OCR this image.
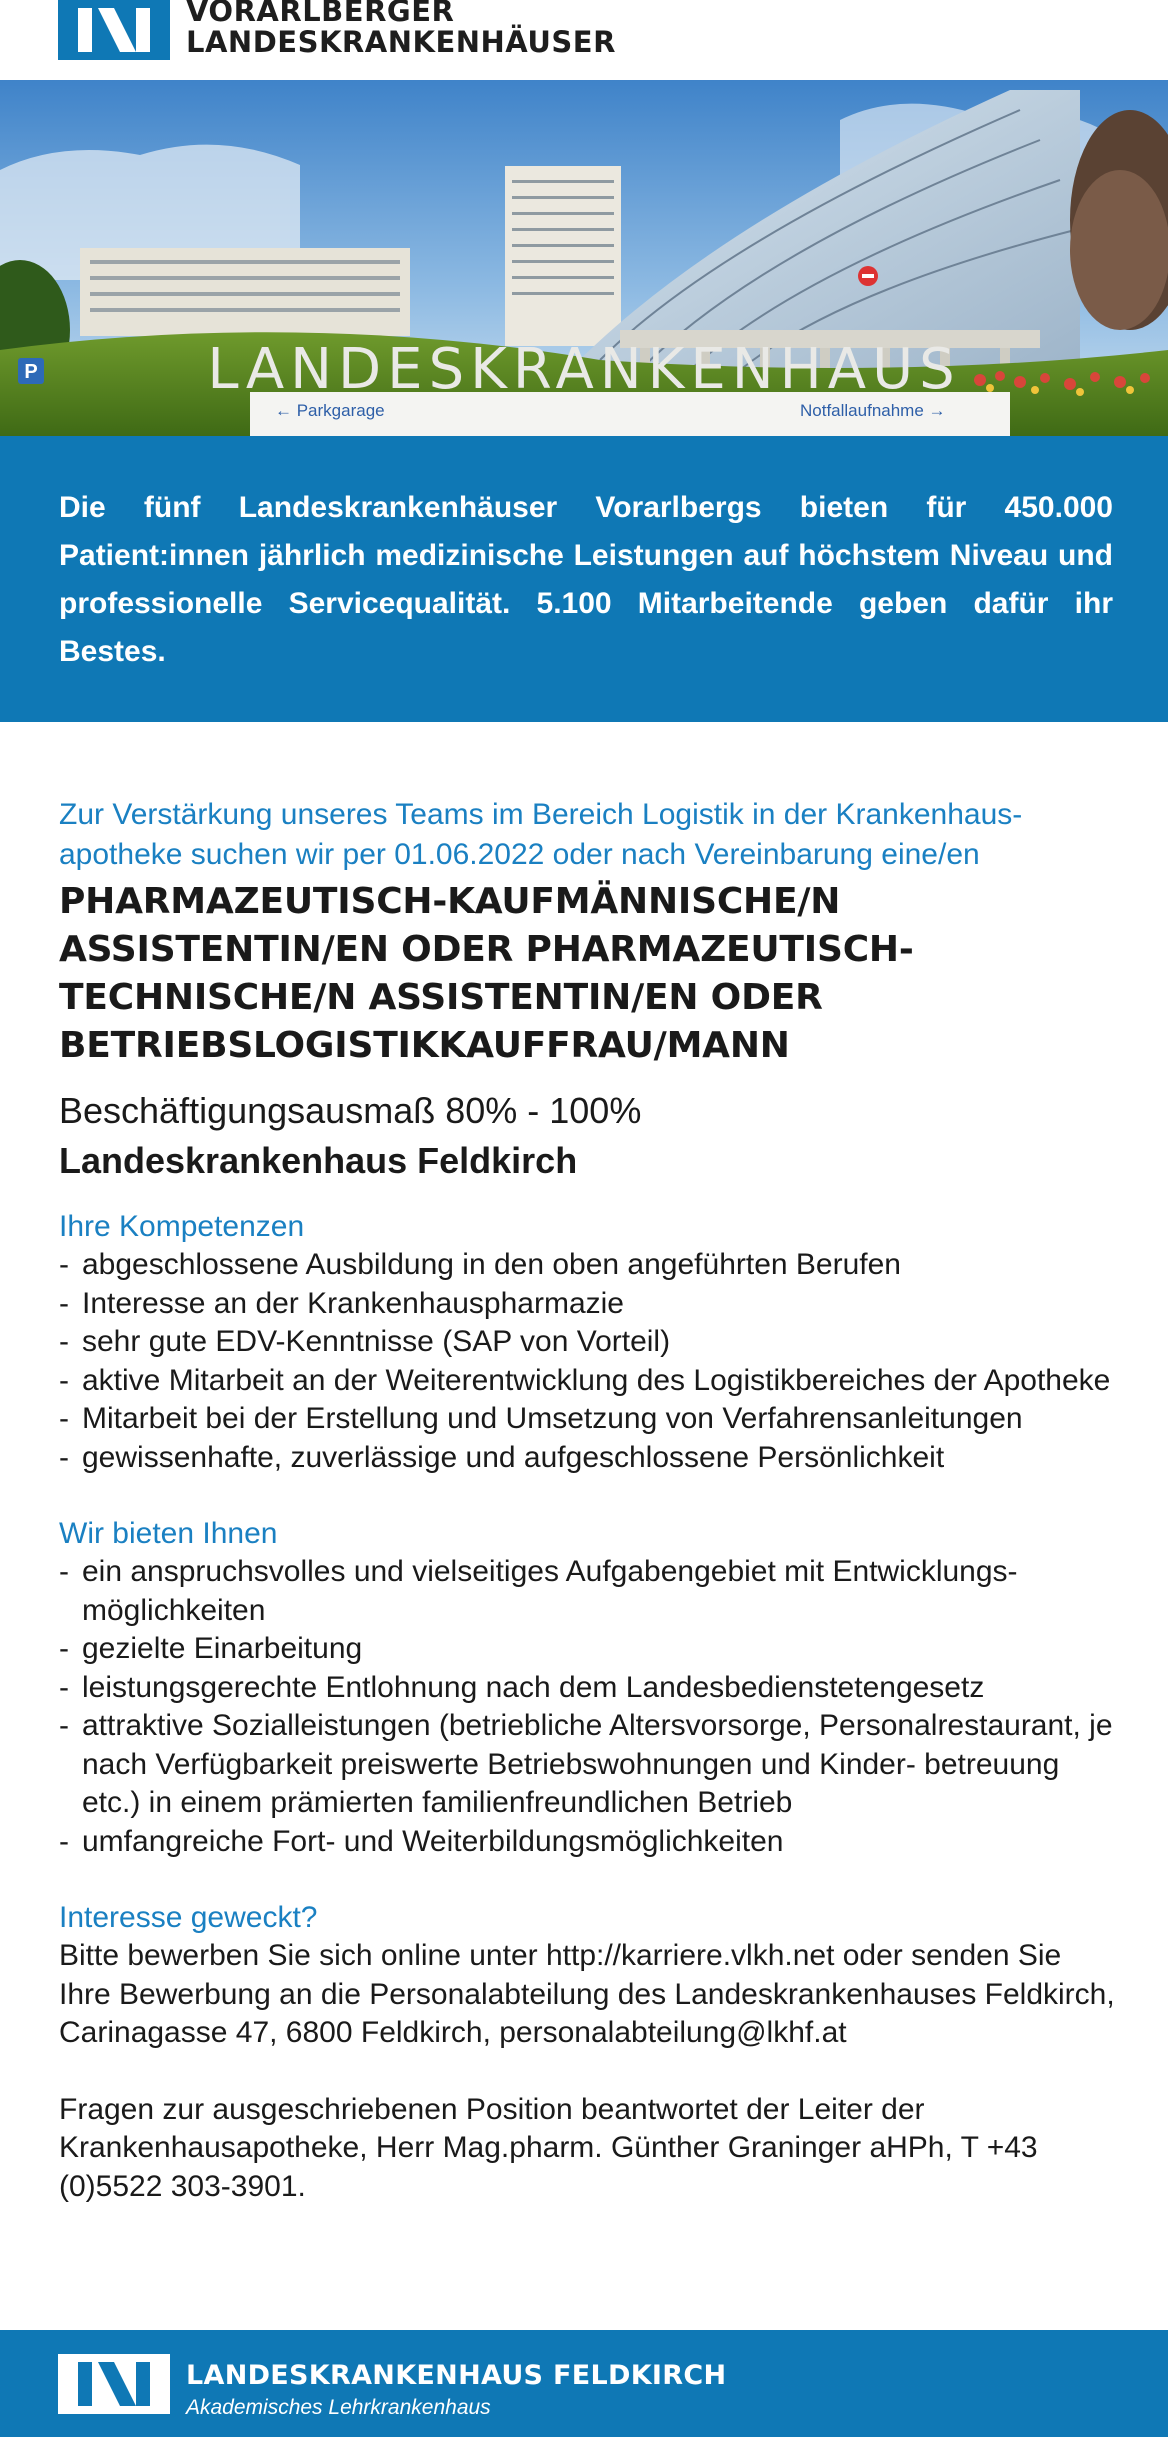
VORARLBERGER
LANDESKRANKENHÄUSER
P
← Parkgarage	Notfallaufnahme →
LANDESKRANKENHAUS

Die fünf Landeskrankenhäuser Vorarlbergs bieten für 450.000 Patient:innen jährlich medizinische Leistungen auf höchstem Niveau und professionelle Servicequalität. 5.100 Mitarbeitende geben dafür ihr Bestes.

Zur Verstärkung unseres Teams im Bereich Logistik in der Krankenhaus-
apotheke suchen wir per 01.06.2022 oder nach Vereinbarung eine/en
PHARMAZEUTISCH-KAUFMÄNNISCHE/N
ASSISTENTIN/EN ODER PHARMAZEUTISCH-
TECHNISCHE/N ASSISTENTIN/EN ODER
BETRIEBSLOGISTIKKAUFFRAU/MANN
Beschäftigungsausmaß 80% - 100%
Landeskrankenhaus Feldkirch
Ihre Kompetenzen
- abgeschlossene Ausbildung in den oben angeführten Berufen
- Interesse an der Krankenhauspharmazie
- sehr gute EDV-Kenntnisse (SAP von Vorteil)
- aktive Mitarbeit an der Weiterentwicklung des Logistikbereiches der Apotheke
- Mitarbeit bei der Erstellung und Umsetzung von Verfahrensanleitungen
- gewissenhafte, zuverlässige und aufgeschlossene Persönlichkeit
Wir bieten Ihnen
- ein anspruchsvolles und vielseitiges Aufgabengebiet mit Entwicklungs- möglichkeiten
- gezielte Einarbeitung
- leistungsgerechte Entlohnung nach dem Landesbedienstetengesetz
- attraktive Sozialleistungen (betriebliche Altersvorsorge, Personalrestaurant, je nach Verfügbarkeit preiswerte Betriebswohnungen und Kinder- betreuung etc.) in einem prämierten familienfreundlichen Betrieb
- umfangreiche Fort- und Weiterbildungsmöglichkeiten
Interesse geweckt?
Bitte bewerben Sie sich online unter http://karriere.vlkh.net oder senden Sie Ihre Bewerbung an die Personalabteilung des Landeskrankenhauses Feldkirch, Carinagasse 47, 6800 Feldkirch, personalabteilung@lkhf.at
Fragen zur ausgeschriebenen Position beantwortet der Leiter der Krankenhausapotheke, Herr Mag.pharm. Günther Graninger aHPh, T +43 (0)5522 303-3901.
LANDESKRANKENHAUS FELDKIRCH
Akademisches Lehrkrankenhaus
